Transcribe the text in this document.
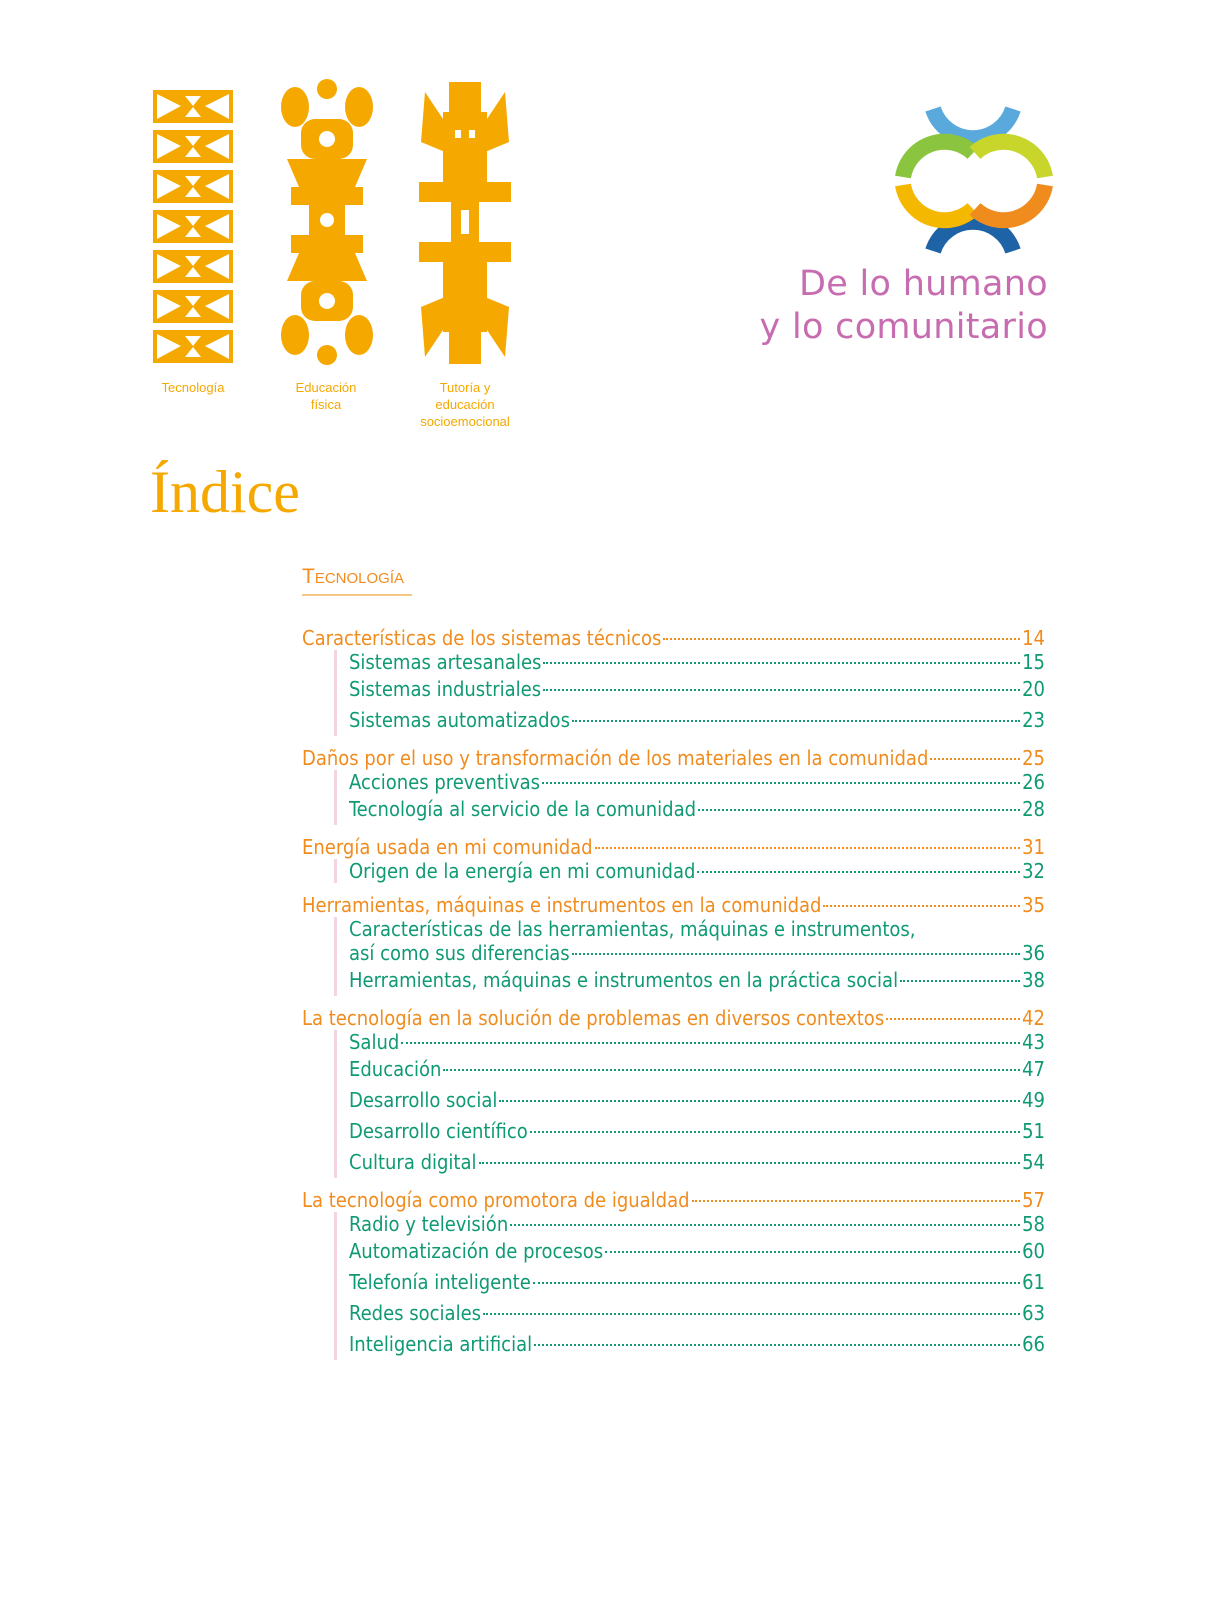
Tecnología	Educación
física
Tutoría y
educación
socioemocional
De lo humano
y lo comunitario
Índice
Tecnología
Características de los sistemas técnicos	14
Sistemas artesanales	15
Sistemas industriales	20
Sistemas automatizados	23
Daños por el uso y transformación de los materiales en la comunidad	25
Acciones preventivas	26
Tecnología al servicio de la comunidad	28
Energía usada en mi comunidad	31
Origen de la energía en mi comunidad	32
Herramientas, máquinas e instrumentos en la comunidad	35
Características de las herramientas, máquinas e instrumentos,
así como sus diferencias	36
Herramientas, máquinas e instrumentos en la práctica social	38
La tecnología en la solución de problemas en diversos contextos	42
Salud	43
Educación	47
Desarrollo social	49
Desarrollo científico	51
Cultura digital	54
La tecnología como promotora de igualdad	57
Radio y televisión	58
Automatización de procesos	60
Telefonía inteligente	61
Redes sociales	63
Inteligencia artificial	66
